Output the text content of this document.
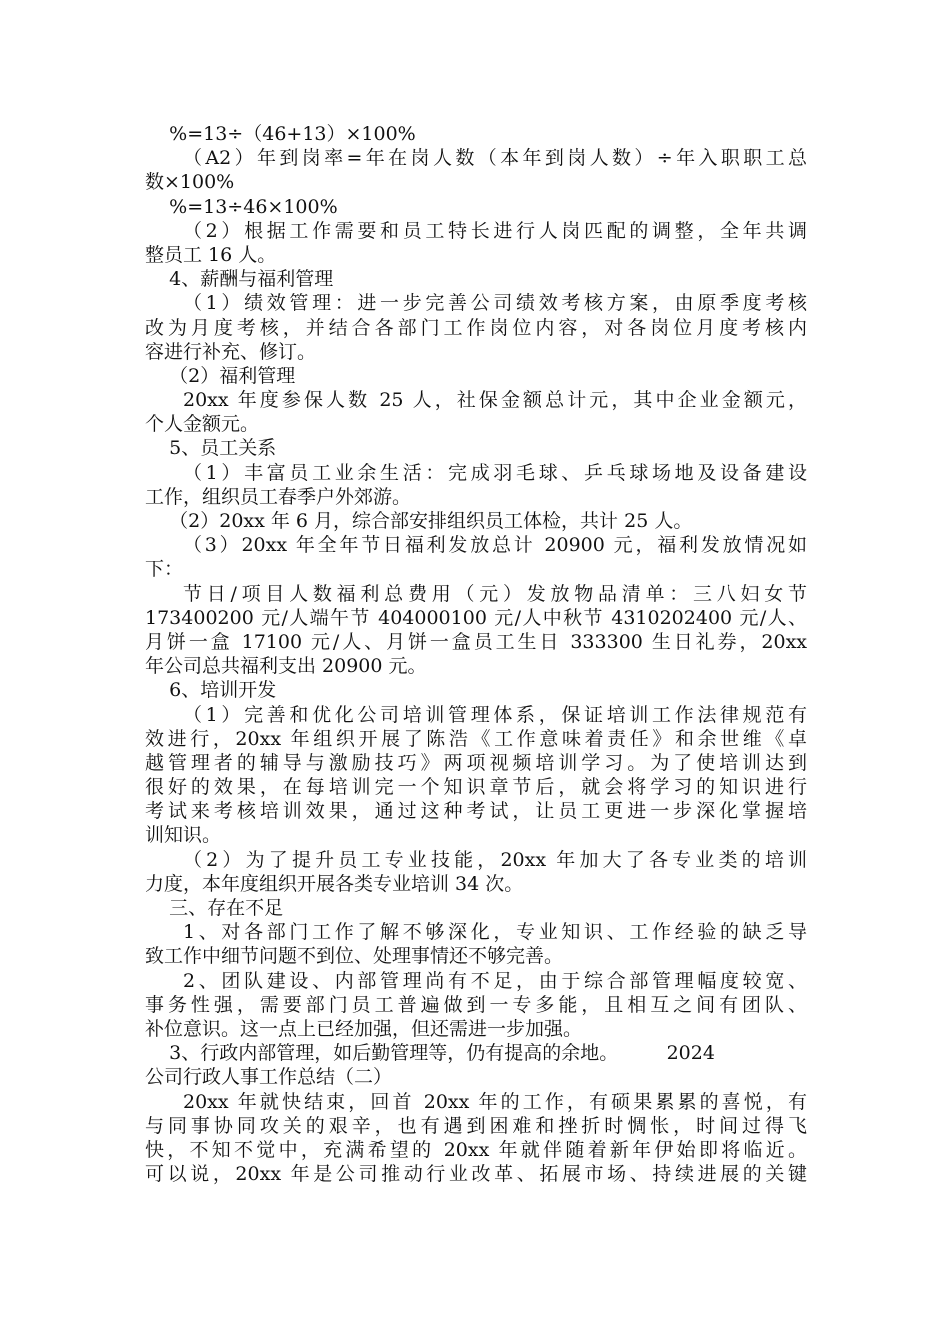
%=13÷（46+13）×100%
（A2）年到岗率=年在岗人数（本年到岗人数）÷年入职职工总
数×100%
%=13÷46×100%
（2）根据工作需要和员工特长进行人岗匹配的调整，全年共调
整员工 16 人。
4、薪酬与福利管理
（1）绩效管理：进一步完善公司绩效考核方案，由原季度考核
改为月度考核，并结合各部门工作岗位内容，对各岗位月度考核内
容进行补充、修订。
（2）福利管理
20xx 年度参保人数 25 人，社保金额总计元，其中企业金额元，
个人金额元。
5、员工关系
（1）丰富员工业余生活：完成羽毛球、乒乓球场地及设备建设
工作，组织员工春季户外郊游。
（2）20xx 年 6 月，综合部安排组织员工体检，共计 25 人。
（3）20xx 年全年节日福利发放总计 20900 元，福利发放情况如
下：
节日/项目人数福利总费用（元）发放物品清单：三八妇女节
173400200 元/人端午节 404000100 元/人中秋节 4310202400 元/人、
月饼一盒 17100 元/人、月饼一盒员工生日 333300 生日礼券，20xx
年公司总共福利支出 20900 元。
6、培训开发
（1）完善和优化公司培训管理体系，保证培训工作法律规范有
效进行，20xx 年组织开展了陈浩《工作意味着责任》和余世维《卓
越管理者的辅导与激励技巧》两项视频培训学习。为了使培训达到
很好的效果，在每培训完一个知识章节后，就会将学习的知识进行
考试来考核培训效果，通过这种考试，让员工更进一步深化掌握培
训知识。
（2）为了提升员工专业技能，20xx 年加大了各专业类的培训
力度，本年度组织开展各类专业培训 34 次。
三、存在不足
1、对各部门工作了解不够深化，专业知识、工作经验的缺乏导
致工作中细节问题不到位、处理事情还不够完善。
2、团队建设、内部管理尚有不足，由于综合部管理幅度较宽、
事务性强，需要部门员工普遍做到一专多能，且相互之间有团队、
补位意识。这一点上已经加强，但还需进一步加强。
3、行政内部管理，如后勤管理等，仍有提高的余地。        2024
公司行政人事工作总结（二）
20xx 年就快结束，回首 20xx 年的工作，有硕果累累的喜悦，有
与同事协同攻关的艰辛，也有遇到困难和挫折时惆怅，时间过得飞
快，不知不觉中，充满希望的 20xx 年就伴随着新年伊始即将临近。
可以说，20xx 年是公司推动行业改革、拓展市场、持续进展的关键
